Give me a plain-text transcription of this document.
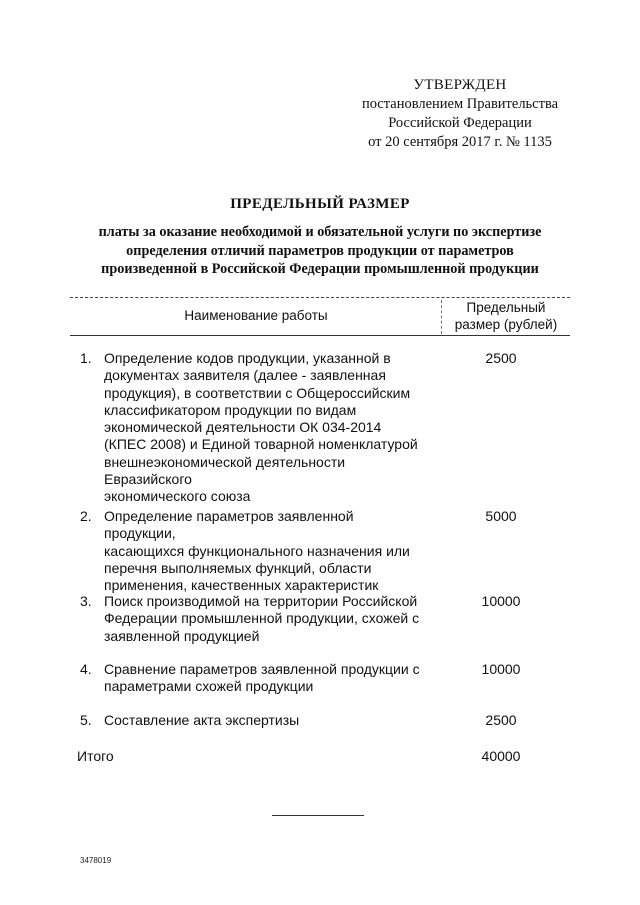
УТВЕРЖДЕН
постановлением Правительства
Российской Федерации
от 20 сентября 2017 г. № 1135
ПРЕДЕЛЬНЫЙ РАЗМЕР
платы за оказание необходимой и обязательной услуги по экспертизе
определения отличий параметров продукции от параметров
произведенной в Российской Федерации промышленной продукции
Наименование работы
Предельный
размер (рублей)
1. Определение кодов продукции, указанной в
документах заявителя (далее - заявленная
продукция), в соответствии с Общероссийским
классификатором продукции по видам
экономической деятельности ОК 034-2014
(КПЕС 2008) и Единой товарной номенклатурой
внешнеэкономической деятельности Евразийского
экономического союза
2500
2. Определение параметров заявленной продукции,
касающихся функционального назначения или
перечня выполняемых функций, области
применения, качественных характеристик
5000
3. Поиск производимой на территории Российской
Федерации промышленной продукции, схожей с
заявленной продукцией
10000
4. Сравнение параметров заявленной продукции с
параметрами схожей продукции
10000
5. Составление акта экспертизы	2500
Итого	40000
3478019
